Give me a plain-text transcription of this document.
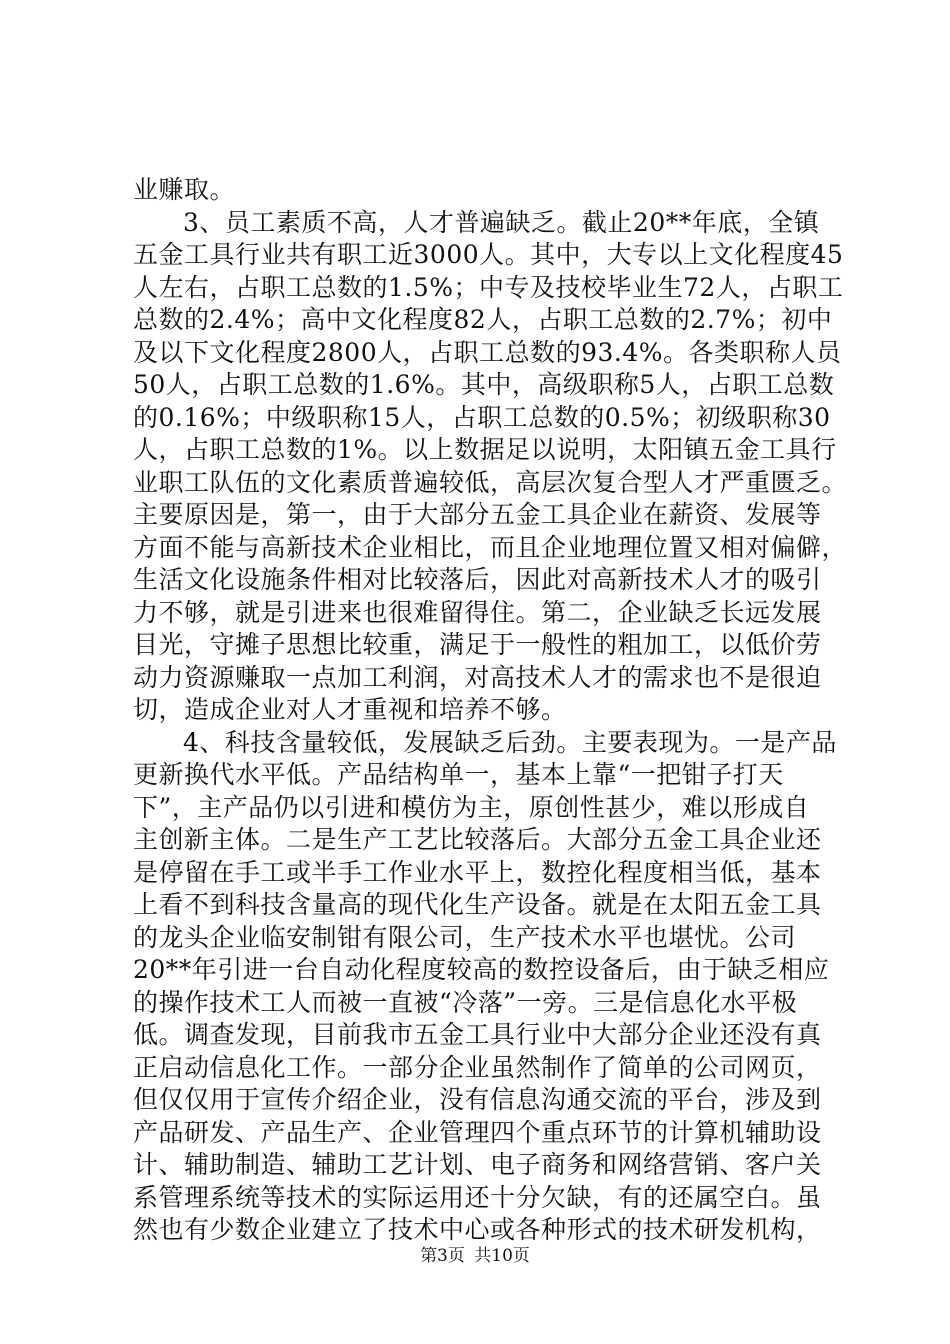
业赚取。
3、员工素质不高，人才普遍缺乏。截止20**年底，全镇
五金工具行业共有职工近3000人。其中，大专以上文化程度45
人左右，占职工总数的1.5%；中专及技校毕业生72人，占职工
总数的2.4%；高中文化程度82人，占职工总数的2.7%；初中
及以下文化程度2800人，占职工总数的93.4%。各类职称人员
50人，占职工总数的1.6%。其中，高级职称5人，占职工总数
的0.16%；中级职称15人，占职工总数的0.5%；初级职称30
人，占职工总数的1%。以上数据足以说明，太阳镇五金工具行
业职工队伍的文化素质普遍较低，高层次复合型人才严重匮乏。
主要原因是，第一，由于大部分五金工具企业在薪资、发展等
方面不能与高新技术企业相比，而且企业地理位置又相对偏僻，
生活文化设施条件相对比较落后，因此对高新技术人才的吸引
力不够，就是引进来也很难留得住。第二，企业缺乏长远发展
目光，守摊子思想比较重，满足于一般性的粗加工，以低价劳
动力资源赚取一点加工利润，对高技术人才的需求也不是很迫
切，造成企业对人才重视和培养不够。
4、科技含量较低，发展缺乏后劲。主要表现为。一是产品
更新换代水平低。产品结构单一，基本上靠“一把钳子打天
下”，主产品仍以引进和模仿为主，原创性甚少，难以形成自
主创新主体。二是生产工艺比较落后。大部分五金工具企业还
是停留在手工或半手工作业水平上，数控化程度相当低，基本
上看不到科技含量高的现代化生产设备。就是在太阳五金工具
的龙头企业临安制钳有限公司，生产技术水平也堪忧。公司
20**年引进一台自动化程度较高的数控设备后，由于缺乏相应
的操作技术工人而被一直被“冷落”一旁。三是信息化水平极
低。调查发现，目前我市五金工具行业中大部分企业还没有真
正启动信息化工作。一部分企业虽然制作了简单的公司网页，
但仅仅用于宣传介绍企业，没有信息沟通交流的平台，涉及到
产品研发、产品生产、企业管理四个重点环节的计算机辅助设
计、辅助制造、辅助工艺计划、电子商务和网络营销、客户关
系管理系统等技术的实际运用还十分欠缺，有的还属空白。虽
然也有少数企业建立了技术中心或各种形式的技术研发机构，
第3页 共10页
